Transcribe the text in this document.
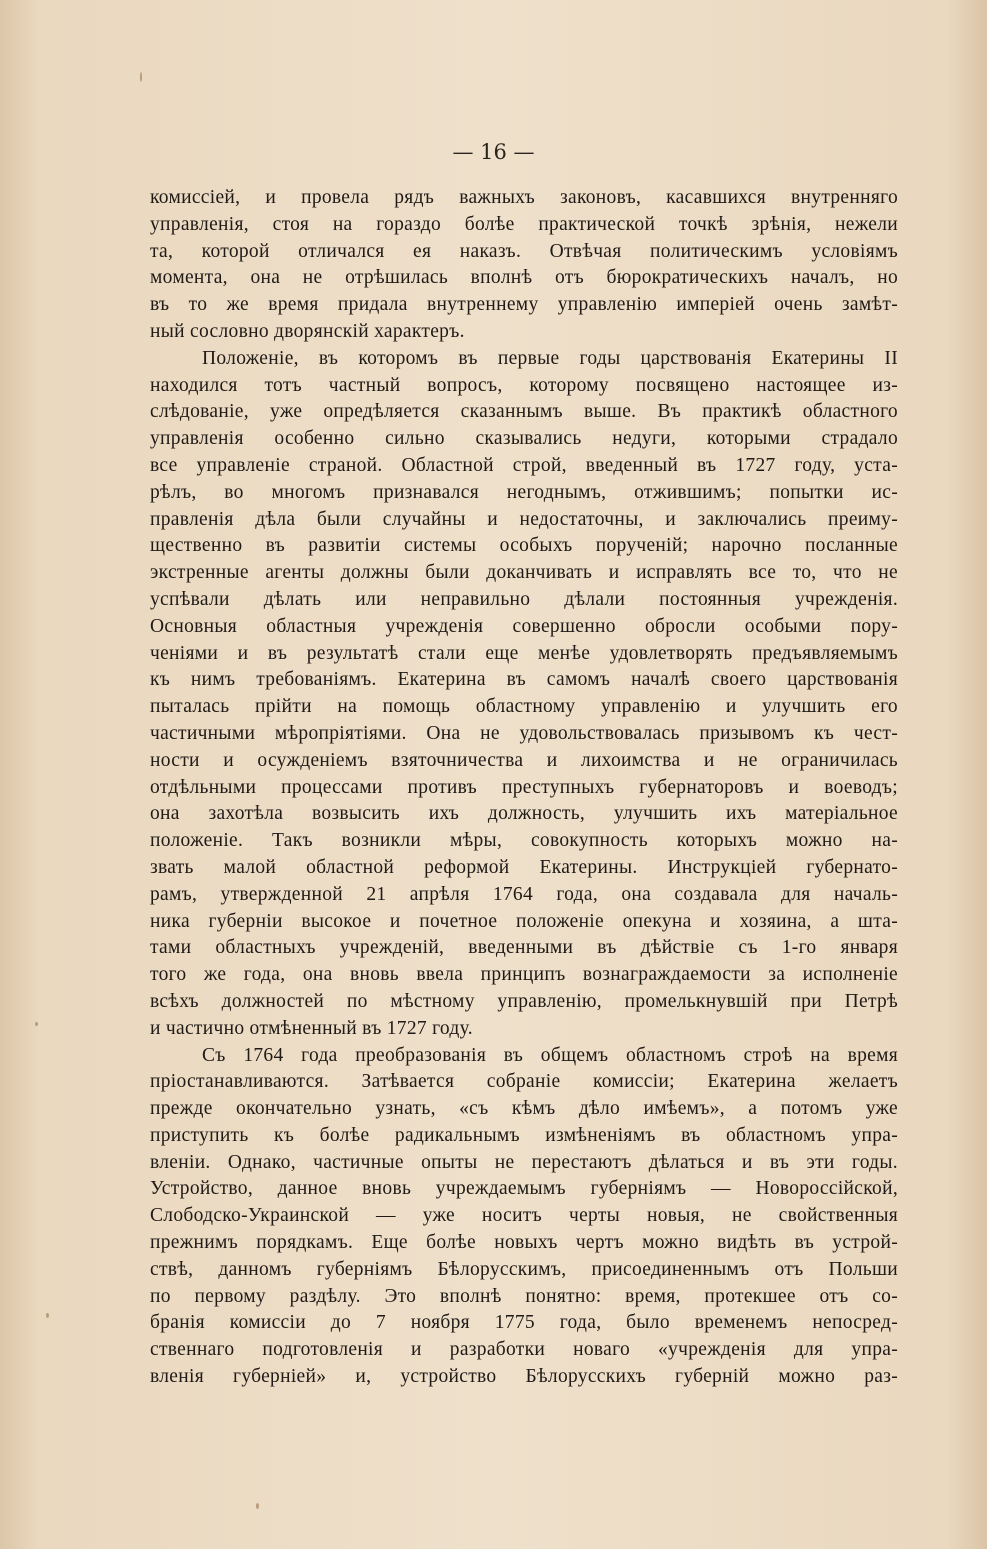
— 16 —
комиссіей, и провела рядъ важныхъ законовъ, касавшихся внутренняго
управленія, стоя на гораздо болѣе практической точкѣ зрѣнія, нежели
та, которой отличался ея наказъ. Отвѣчая политическимъ условіямъ
момента, она не отрѣшилась вполнѣ отъ бюрократическихъ началъ, но
въ то же время придала внутреннему управленію имперіей очень замѣт-
ный сословно дворянскій характеръ.
Положеніе, въ которомъ въ первые годы царствованія Екатерины II
находился тотъ частный вопросъ, которому посвящено настоящее из-
слѣдованіе, уже опредѣляется сказаннымъ выше. Въ практикѣ областного
управленія особенно сильно сказывались недуги, которыми страдало
все управленіе страной. Областной строй, введенный въ 1727 году, уста-
рѣлъ, во многомъ признавался негоднымъ, отжившимъ; попытки ис-
правленія дѣла были случайны и недостаточны, и заключались преиму-
щественно въ развитіи системы особыхъ порученій; нарочно посланные
экстренные агенты должны были доканчивать и исправлять все то, что не
успѣвали дѣлать или неправильно дѣлали постоянныя учрежденія.
Основныя областныя учрежденія совершенно обросли особыми пору-
ченіями и въ результатѣ стали еще менѣе удовлетворять предъявляемымъ
къ нимъ требованіямъ. Екатерина въ самомъ началѣ своего царствованія
пыталась прійти на помощь областному управленію и улучшить его
частичными мѣропріятіями. Она не удовольствовалась призывомъ къ чест-
ности и осужденіемъ взяточничества и лихоимства и не ограничилась
отдѣльными процессами противъ преступныхъ губернаторовъ и воеводъ;
она захотѣла возвысить ихъ должность, улучшить ихъ матеріальное
положеніе. Такъ возникли мѣры, совокупность которыхъ можно на-
звать малой областной реформой Екатерины. Инструкціей губернато-
рамъ, утвержденной 21 апрѣля 1764 года, она создавала для началь-
ника губерніи высокое и почетное положеніе опекуна и хозяина, а шта-
тами областныхъ учрежденій, введенными въ дѣйствіе съ 1-го января
того же года, она вновь ввела принципъ вознаграждаемости за исполненіе
всѣхъ должностей по мѣстному управленію, промелькнувшій при Петрѣ
и частично отмѣненный въ 1727 году.
Съ 1764 года преобразованія въ общемъ областномъ строѣ на время
пріостанавливаются. Затѣвается собраніе комиссіи; Екатерина желаетъ
прежде окончательно узнать, «съ кѣмъ дѣло имѣемъ», а потомъ уже
приступить къ болѣе радикальнымъ измѣненіямъ въ областномъ упра-
вленіи. Однако, частичные опыты не перестаютъ дѣлаться и въ эти годы.
Устройство, данное вновь учреждаемымъ губерніямъ — Новороссійской,
Слободско-Украинской — уже носитъ черты новыя, не свойственныя
прежнимъ порядкамъ. Еще болѣе новыхъ чертъ можно видѣть въ устрой-
ствѣ, данномъ губерніямъ Бѣлорусскимъ, присоединеннымъ отъ Польши
по первому раздѣлу. Это вполнѣ понятно: время, протекшее отъ со-
бранія комиссіи до 7 ноября 1775 года, было временемъ непосред-
ственнаго подготовленія и разработки новаго «учрежденія для упра-
вленія губерніей» и, устройство Бѣлорусскихъ губерній можно раз-
